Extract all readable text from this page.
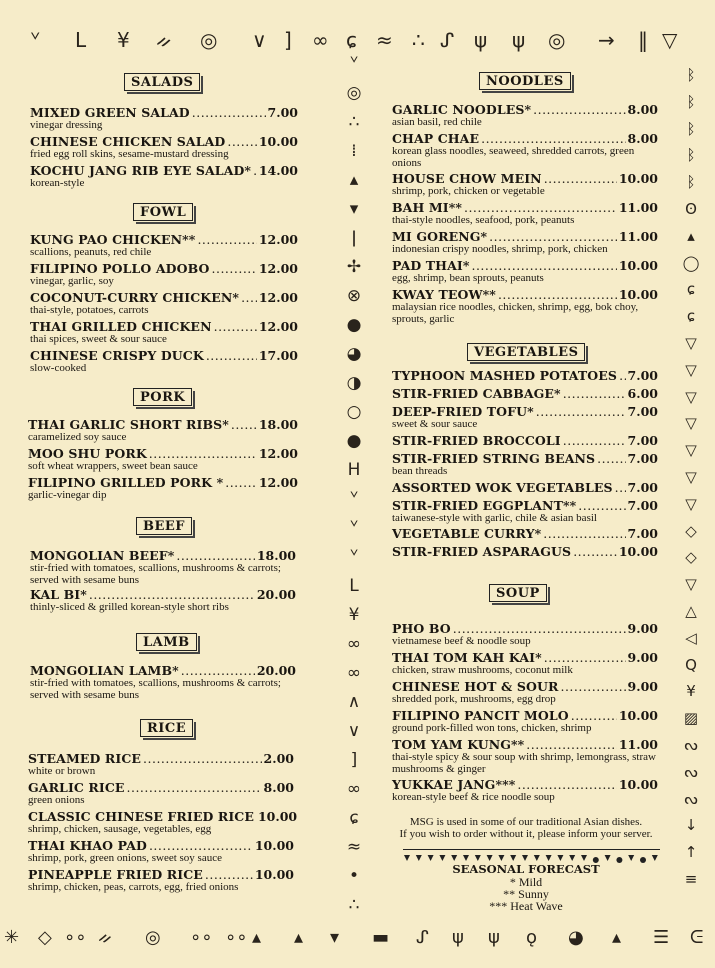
ᘁ L ¥ ᨀ ◎ ∨ ] ∞ ɕ ≈ ∴ ᔑ ψ ψ ◎ → ‖ ▽
✳ ◇ ∘∘ ᨀ ◎ ∘∘ ∘∘ ▴ ▴ ▾ ▬ ᔑ ψ ψ ǫ ◕ ▴ ☰ ᕮ
ᘁ
◎
∴
⁞
▴
▾
ǀ
✢
⊗
●
◕
◑
○
●
H
ᘁ
ᘁ
ᘁ
L
¥
∞
∞
∧
∨
]
∞
ɕ
≈
•
∴
ᛒ
ᛒ
ᛒ
ᛒ
ᛒ
ʘ
▴
◯
ɕ
ɕ
▽
▽
▽
▽
▽
▽
▽
◇
◇
▽
△
◁
Q
¥
▨
ᔓ
ᔓ
ᔓ
↓
↑
≡
SALADS
FOWL
PORK
BEEF
LAMB
RICE
NOODLES
VEGETABLES
SOUP
MIXED GREEN SALAD .....	7.00
vinegar dressing
CHINESE CHICKEN SALAD .....	10.00
fried egg roll skins, sesame-mustard dressing
KOCHU JANG RIB EYE SALAD* ..... 14.00
korean-style
KUNG PAO CHICKEN** .....	12.00
scallions, peanuts, red chile
FILIPINO POLLO ADOBO .....	12.00
vinegar, garlic, soy
COCONUT-CURRY CHICKEN* ..... 12.00
thai-style, potatoes, carrots
THAI GRILLED CHICKEN .....	12.00
thai spices, sweet & sour sauce
CHINESE CRISPY DUCK .....	17.00
slow-cooked
THAI GARLIC SHORT RIBS* ..... 18.00
caramelized soy sauce
MOO SHU PORK .....	12.00
soft wheat wrappers, sweet bean sauce
FILIPINO GRILLED PORK * .....	12.00
garlic-vinegar dip
MONGOLIAN BEEF* .....	18.00
stir-fried with tomatoes, scallions, mushrooms & carrots; served with sesame buns
KAL BI* .....	20.00
thinly-sliced & grilled korean-style short ribs
MONGOLIAN LAMB* .....	20.00
stir-fried with tomatoes, scallions, mushrooms & carrots; served with sesame buns
STEAMED RICE .....	2.00
white or brown
GARLIC RICE .....	8.00
green onions
CLASSIC CHINESE FRIED RICE 10.00
shrimp, chicken, sausage, vegetables, egg
THAI KHAO PAD .....	10.00
shrimp, pork, green onions, sweet soy sauce
PINEAPPLE FRIED RICE .....	10.00
shrimp, chicken, peas, carrots, egg, fried onions
GARLIC NOODLES* .....	8.00
asian basil, red chile
CHAP CHAE .....	8.00
korean glass noodles, seaweed, shredded carrots, green onions
HOUSE CHOW MEIN .....	10.00
shrimp, pork, chicken or vegetable
BAH MI** .....	11.00
thai-style noodles, seafood, pork, peanuts
MI GORENG* .....	11.00
indonesian crispy noodles, shrimp, pork, chicken
PAD THAI* .....	10.00
egg, shrimp, bean sprouts, peanuts
KWAY TEOW** .....	10.00
malaysian rice noodles, chicken, shrimp, egg, bok choy, sprouts, garlic
TYPHOON MASHED POTATOES ..... 7.00
STIR-FRIED CABBAGE* .....	6.00
DEEP-FRIED TOFU* .....	7.00
sweet & sour sauce
STIR-FRIED BROCCOLI .....	7.00
STIR-FRIED STRING BEANS .....	7.00
bean threads
ASSORTED WOK VEGETABLES ..... 7.00
STIR-FRIED EGGPLANT** .....	7.00
taiwanese-style with garlic, chile & asian basil
VEGETABLE CURRY* .....	7.00
STIR-FRIED ASPARAGUS .....	10.00
PHO BO .....	9.00
vietnamese beef & noodle soup
THAI TOM KAH KAI* .....	9.00
chicken, straw mushrooms, coconut milk
CHINESE HOT & SOUR .....	9.00
shredded pork, mushrooms, egg drop
FILIPINO PANCIT MOLO .....	10.00
ground pork-filled won tons, chicken, shrimp
TOM YAM KUNG** .....	11.00
thai-style spicy & sour soup with shrimp, lemongrass, straw mushrooms & ginger
YUKKAE JANG*** .....	10.00
korean-style beef & rice noodle soup
MSG is used in some of our traditional Asian dishes.
If you wish to order without it, please inform your server.
SEASONAL FORECAST
* Mild
** Sunny
*** Heat Wave
